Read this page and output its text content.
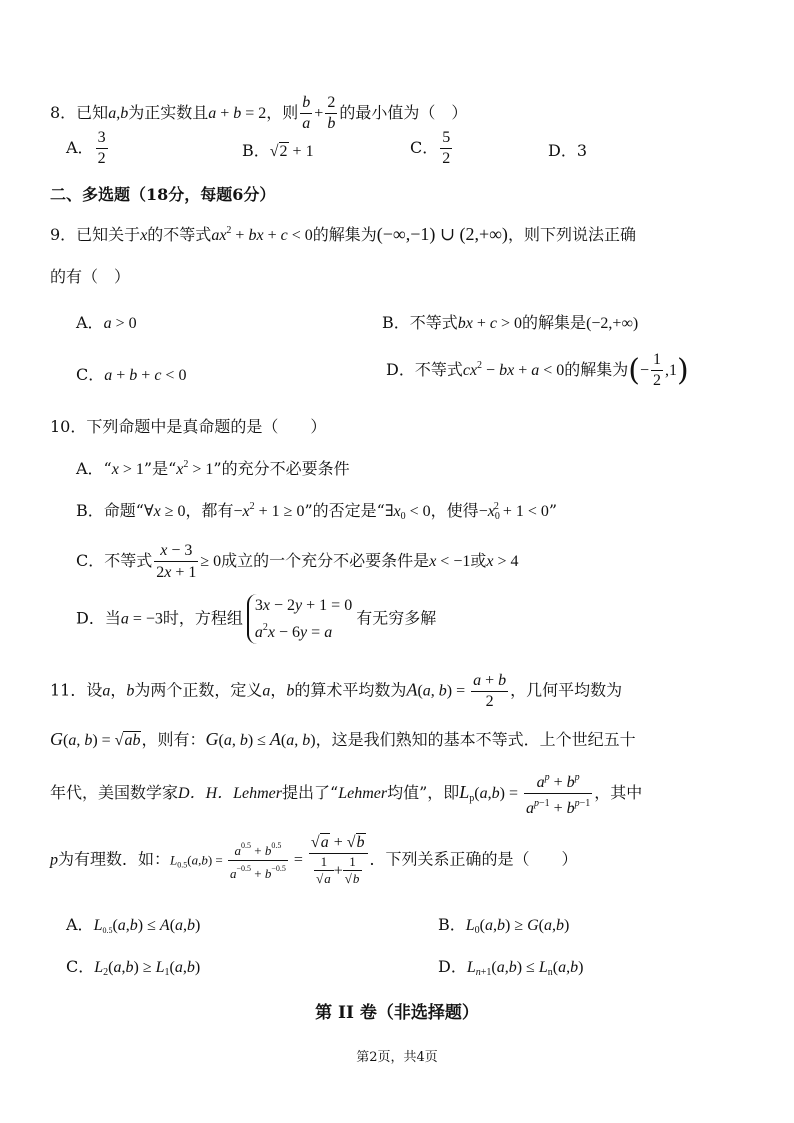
8．已知a,b为正实数且a + b = 2，则 $\frac{b}{a} + \frac{2}{b}$ 的最小值为（　）
A． $\frac{3}{2}$	B．√2 + 1	C． $\frac{5}{2}$	D．3
二、多选题（18分，每题6分）
9．已知关于x的不等式$ax^2$ + bx + c < 0的解集为(−∞,−1) ∪ (2,+∞)，则下列说法正确
的有（　）
A．a > 0	B．不等式bx + c > 0的解集是(−2,+∞)
C．a + b + c < 0	D．不等式$cx^2$ − bx + a < 0的解集为(− $\frac{1}{2} ,1$)
10．下列命题中是真命题的是（　　）
A．“x > 1”是“$x^2 > 1$”的充分不必要条件
B．命题“∀x ≥ 0，都有$-x^2 + 1 \ge 0$”的否定是“$\exists x_0 < 0$，使得$-x_0^2 + 1 < 0$”
C．不等式 $\frac{x - 3}{2x + 1} \ge 0$成立的一个充分不必要条件是x < −1或x > 4
D．当a = −3时，方程组
3x − 2y + 1 = 0
$a^2x - 6y = a$
有无穷多解
11．设a，b为两个正数，定义a，b的算术平均数为A(a, $b) = \frac{a + b}{2}$ ，几何平均数为
G(a, b) = √ab，则有：G(a, b) ≤ A(a, b)，这是我们熟知的基本不等式．上个世纪五十
年代，美国数学家D．H．Lehmer提出了“Lehmer均值”，即$L_p(a,b) = \frac{a^p + b^p}{a^{p-1} + b^{p-1}}$ ，其中
p为有理数．如：$L_{0.5}(a,b) = \frac{a^{0.5} + b^{0.5}}{a^{-0.5} + b^{-0.5}} = \frac{√a + √b}{\frac{1}{√a} + \frac{1}{√b}}$ ．下列关系正确的是（　　）
A．$L_{0.5}(a,b) \le A(a,b)$	B．$L_0(a,b) \ge G(a,b)$
C．$L_2(a,b) \ge L_1(a,b)$	D．$L_{n+1}(a,b) \le L_n(a,b)$
第 II 卷（非选择题）
第2页，共4页
